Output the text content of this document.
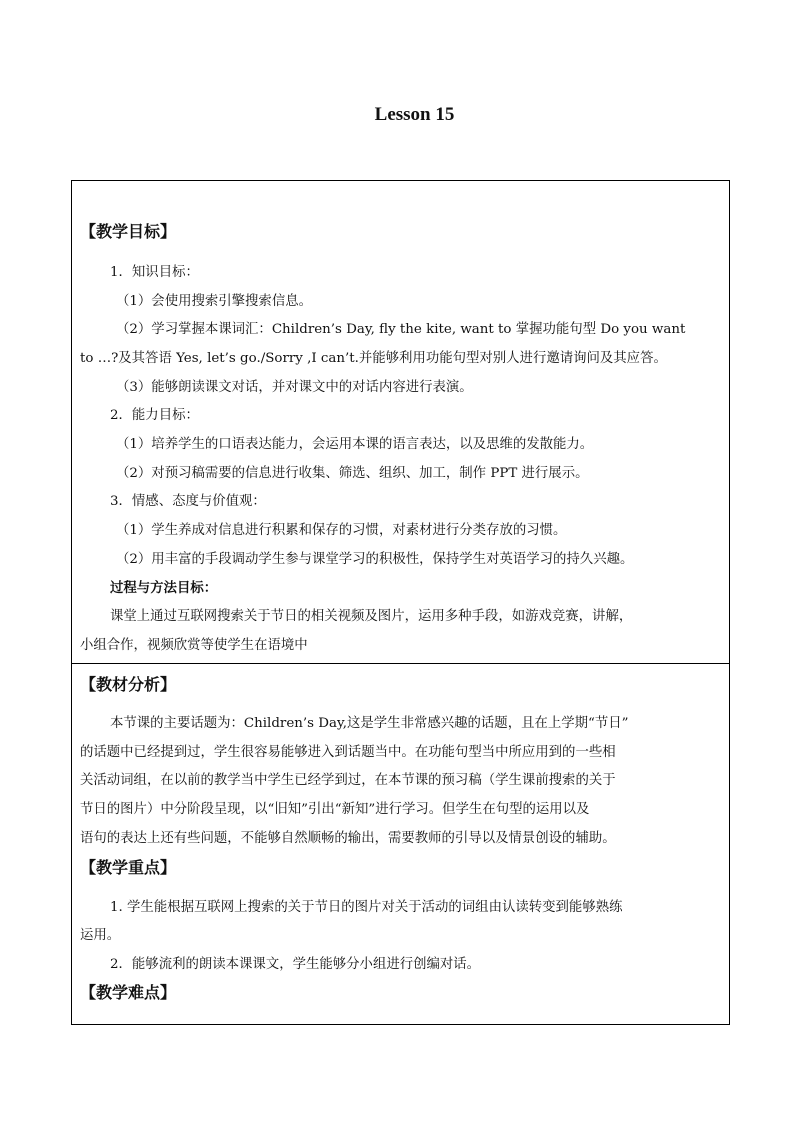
Lesson 15

【教学目标】

1．知识目标：

（1）会使用搜索引擎搜索信息。

（2）学习掌握本课词汇：Children’s Day, fly the kite, want to 掌握功能句型 Do you want

to …?及其答语 Yes, let’s go./Sorry ,I can’t.并能够利用功能句型对别人进行邀请询问及其应答。

（3）能够朗读课文对话，并对课文中的对话内容进行表演。

2．能力目标：

（1）培养学生的口语表达能力，会运用本课的语言表达，以及思维的发散能力。

（2）对预习稿需要的信息进行收集、筛选、组织、加工，制作 PPT 进行展示。

3．情感、态度与价值观：

（1）学生养成对信息进行积累和保存的习惯，对素材进行分类存放的习惯。

（2）用丰富的手段调动学生参与课堂学习的积极性，保持学生对英语学习的持久兴趣。

过程与方法目标：

课堂上通过互联网搜索关于节日的相关视频及图片，运用多种手段，如游戏竞赛，讲解，

小组合作，视频欣赏等使学生在语境中

【教材分析】

本节课的主要话题为：Children’s Day,这是学生非常感兴趣的话题，且在上学期“节日”

的话题中已经提到过，学生很容易能够进入到话题当中。在功能句型当中所应用到的一些相

关活动词组，在以前的教学当中学生已经学到过，在本节课的预习稿（学生课前搜索的关于

节日的图片）中分阶段呈现，以“旧知”引出“新知”进行学习。但学生在句型的运用以及

语句的表达上还有些问题，不能够自然顺畅的输出，需要教师的引导以及情景创设的辅助。

【教学重点】

1. 学生能根据互联网上搜索的关于节日的图片对关于活动的词组由认读转变到能够熟练

运用。

2．能够流利的朗读本课课文，学生能够分小组进行创编对话。

【教学难点】
